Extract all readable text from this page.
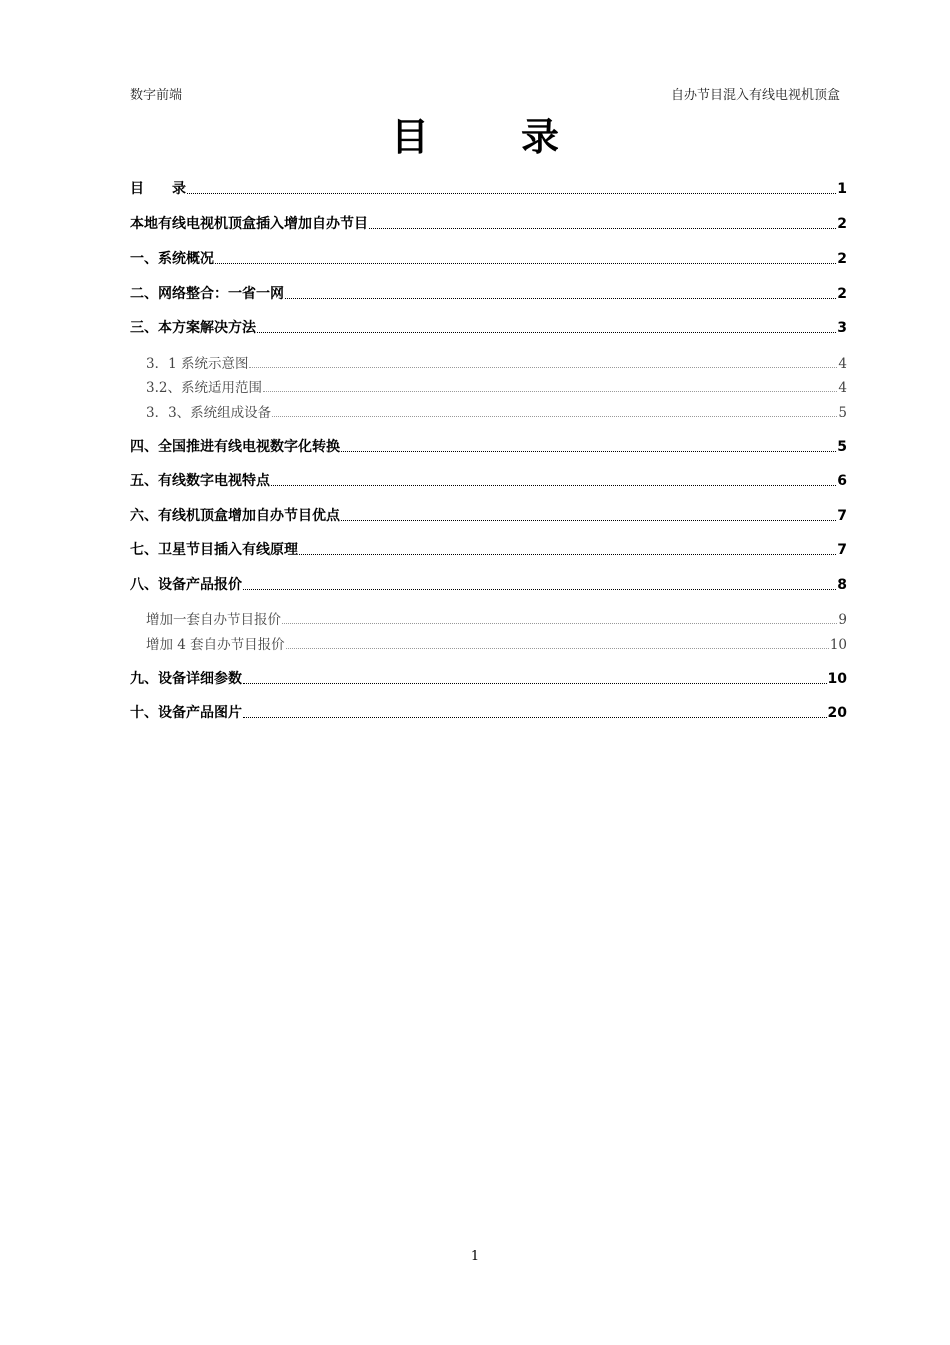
数字前端	自办节目混入有线电视机顶盒
目录
目　　录	1
本地有线电视机顶盒插入增加自办节目	2
一、系统概况	2
二、网络整合：一省一网	2
三、本方案解决方法	3
3．1 系统示意图	4
3.2、系统适用范围	4
3．3、系统组成设备	5
四、全国推进有线电视数字化转换	5
五、有线数字电视特点	6
六、有线机顶盒增加自办节目优点	7
七、卫星节目插入有线原理	7
八、设备产品报价	8
增加一套自办节目报价	9
增加 4 套自办节目报价	10
九、设备详细参数	10
十、设备产品图片	20
1
